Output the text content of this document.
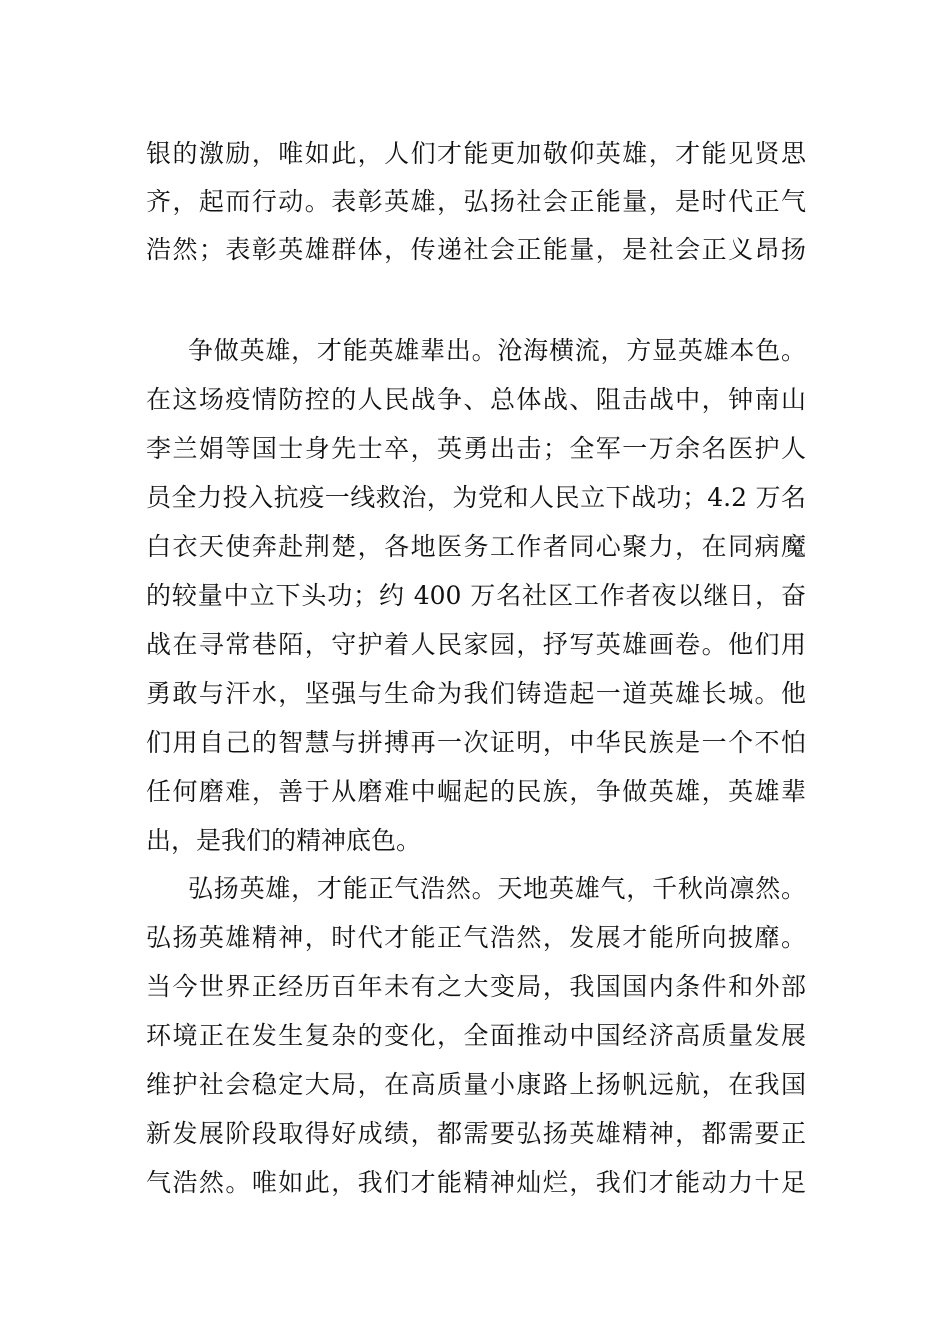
银的激励，唯如此，人们才能更加敬仰英雄，才能见贤思
齐，起而行动。表彰英雄，弘扬社会正能量，是时代正气
浩然；表彰英雄群体，传递社会正能量，是社会正义昂扬
争做英雄，才能英雄辈出。沧海横流，方显英雄本色。
在这场疫情防控的人民战争、总体战、阻击战中，钟南山
李兰娟等国士身先士卒，英勇出击；全军一万余名医护人
员全力投入抗疫一线救治，为党和人民立下战功；4.2 万名
白衣天使奔赴荆楚，各地医务工作者同心聚力，在同病魔
的较量中立下头功；约 400 万名社区工作者夜以继日，奋
战在寻常巷陌，守护着人民家园，抒写英雄画卷。他们用
勇敢与汗水，坚强与生命为我们铸造起一道英雄长城。他
们用自己的智慧与拼搏再一次证明，中华民族是一个不怕
任何磨难，善于从磨难中崛起的民族，争做英雄，英雄辈
出，是我们的精神底色。
弘扬英雄，才能正气浩然。天地英雄气，千秋尚凛然。
弘扬英雄精神，时代才能正气浩然，发展才能所向披靡。
当今世界正经历百年未有之大变局，我国国内条件和外部
环境正在发生复杂的变化，全面推动中国经济高质量发展
维护社会稳定大局，在高质量小康路上扬帆远航，在我国
新发展阶段取得好成绩，都需要弘扬英雄精神，都需要正
气浩然。唯如此，我们才能精神灿烂，我们才能动力十足
